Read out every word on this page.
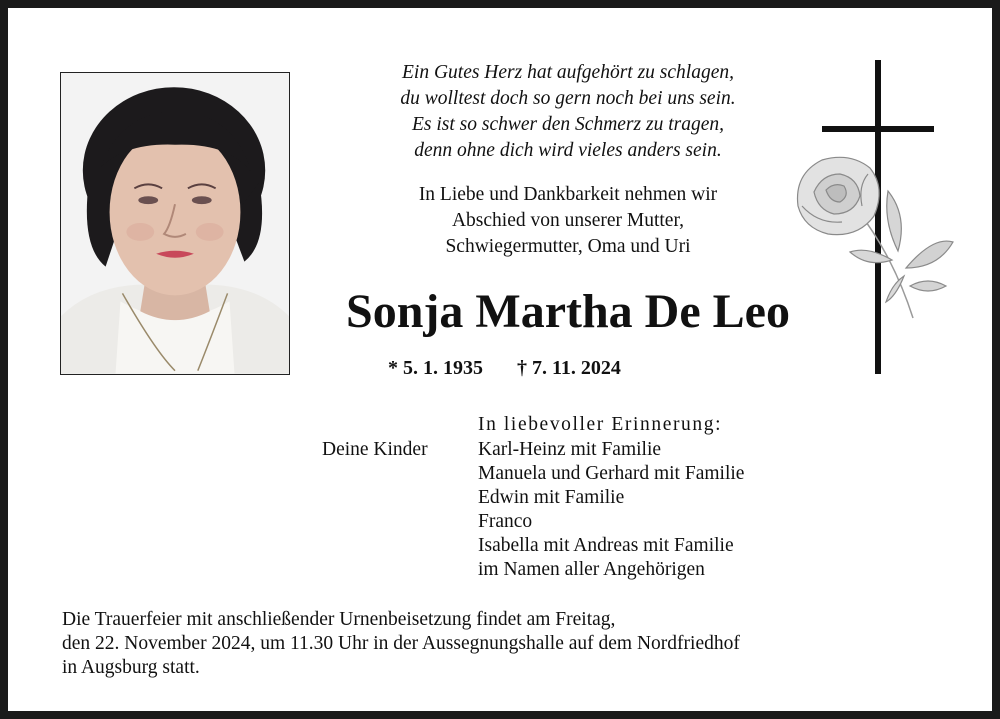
Ein Gutes Herz hat aufgehört zu schlagen,
du wolltest doch so gern noch bei uns sein.
Es ist so schwer den Schmerz zu tragen,
denn ohne dich wird vieles anders sein.
In Liebe und Dankbarkeit nehmen wir
Abschied von unserer Mutter,
Schwiegermutter, Oma und Uri
Sonja Martha De Leo
* 5. 1. 1935 † 7. 11. 2024
In liebevoller Erinnerung:
Deine Kinder	Karl-Heinz mit Familie
Manuela und Gerhard mit Familie
Edwin mit Familie
Franco
Isabella mit Andreas mit Familie
im Namen aller Angehörigen
Die Trauerfeier mit anschließender Urnenbeisetzung findet am Freitag,
den 22. November 2024, um 11.30 Uhr in der Aussegnungshalle auf dem Nordfriedhof
in Augsburg statt.
